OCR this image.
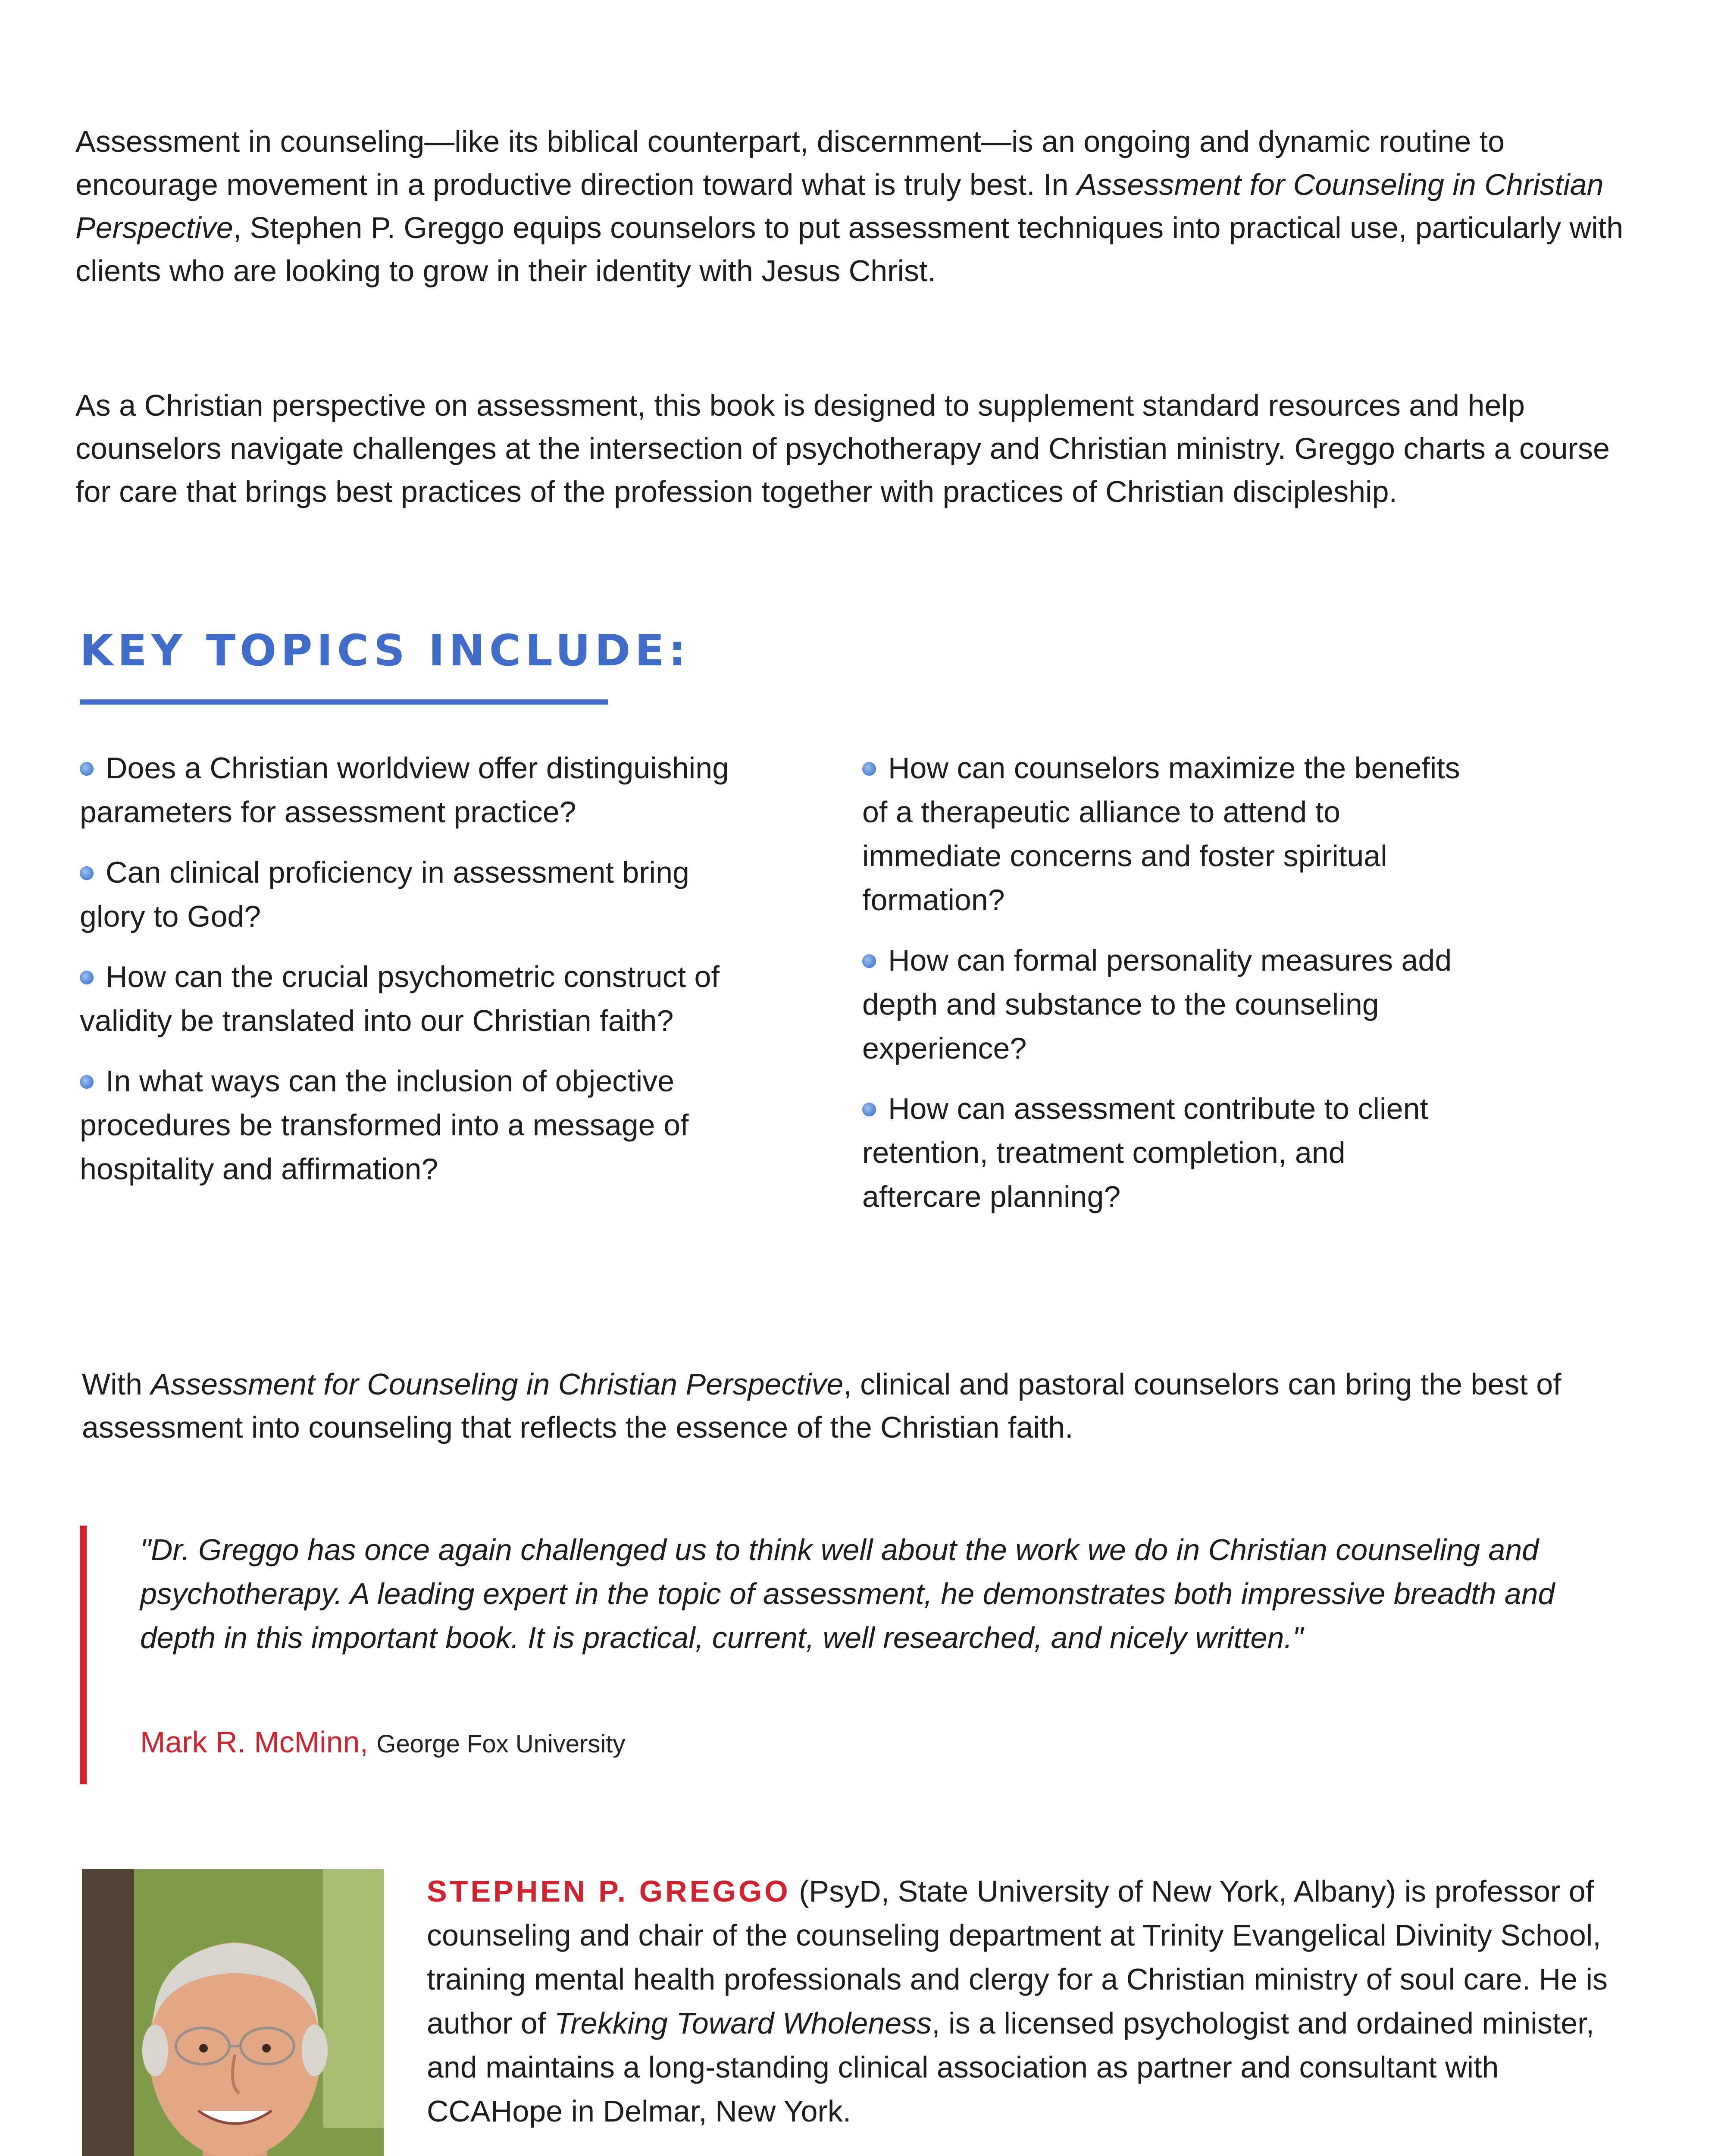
Assessment in counseling—like its biblical counterpart, discernment—is an ongoing and dynamic routine to encourage movement in a productive direction toward what is truly best. In Assessment for Counseling in Christian Perspective, Stephen P. Greggo equips counselors to put assessment techniques into practical use, particularly with clients who are looking to grow in their identity with Jesus Christ.

As a Christian perspective on assessment, this book is designed to supplement standard resources and help counselors navigate challenges at the intersection of psychotherapy and Christian ministry. Greggo charts a course for care that brings best practices of the profession together with practices of Christian discipleship.

KEY TOPICS INCLUDE:

Does a Christian worldview offer distinguishing parameters for assessment practice?

Can clinical proficiency in assessment bring glory to God?

How can the crucial psychometric construct of validity be translated into our Christian faith?

In what ways can the inclusion of objective procedures be transformed into a message of hospitality and affirmation?

How can counselors maximize the benefits of a therapeutic alliance to attend to immediate concerns and foster spiritual formation?

How can formal personality measures add depth and substance to the counseling experience?

How can assessment contribute to client retention, treatment completion, and aftercare planning?

With Assessment for Counseling in Christian Perspective, clinical and pastoral counselors can bring the best of assessment into counseling that reflects the essence of the Christian faith.

"Dr. Greggo has once again challenged us to think well about the work we do in Christian counseling and psychotherapy. A leading expert in the topic of assessment, he demonstrates both impressive breadth and depth in this important book. It is practical, current, well researched, and nicely written."

Mark R. McMinn, George Fox University

STEPHEN P. GREGGO (PsyD, State University of New York, Albany) is professor of counseling and chair of the counseling department at Trinity Evangelical Divinity School, training mental health professionals and clergy for a Christian ministry of soul care. He is author of Trekking Toward Wholeness, is a licensed psychologist and ordained minister, and maintains a long-standing clinical association as partner and consultant with CCAHope in Delmar, New York.
